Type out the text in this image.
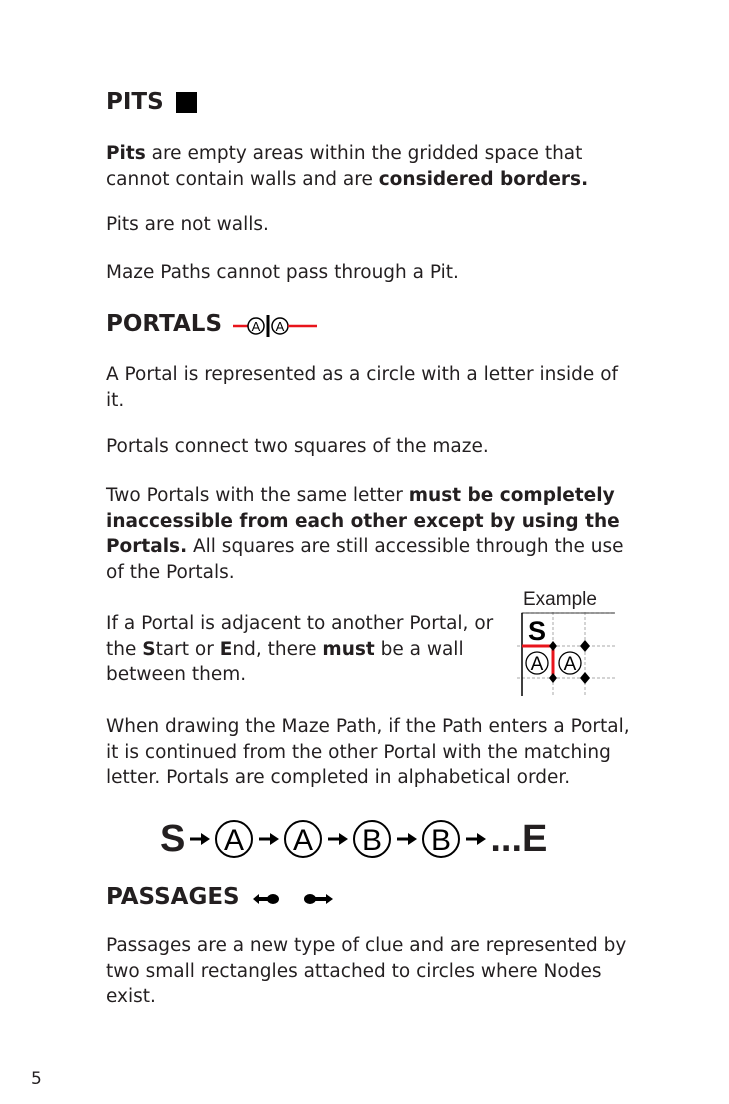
PITS
Pits are empty areas within the gridded space that cannot contain walls and are considered borders.
Pits are not walls.
Maze Paths cannot pass through a Pit.
PORTALS A A
A Portal is represented as a circle with a letter inside of it.
Portals connect two squares of the maze.
Two Portals with the same letter must be completely inaccessible from each other except by using the Portals. All squares are still accessible through the use of the Portals.
If a Portal is adjacent to another Portal, or the Start or End, there must be a wall between them.
Example
S
A A
When drawing the Maze Path, if the Path enters a Portal, it is continued from the other Portal with the matching letter. Portals are completed in alphabetical order.
S A A B B ...E
PASSAGES
Passages are a new type of clue and are represented by two small rectangles attached to circles where Nodes exist.
5
